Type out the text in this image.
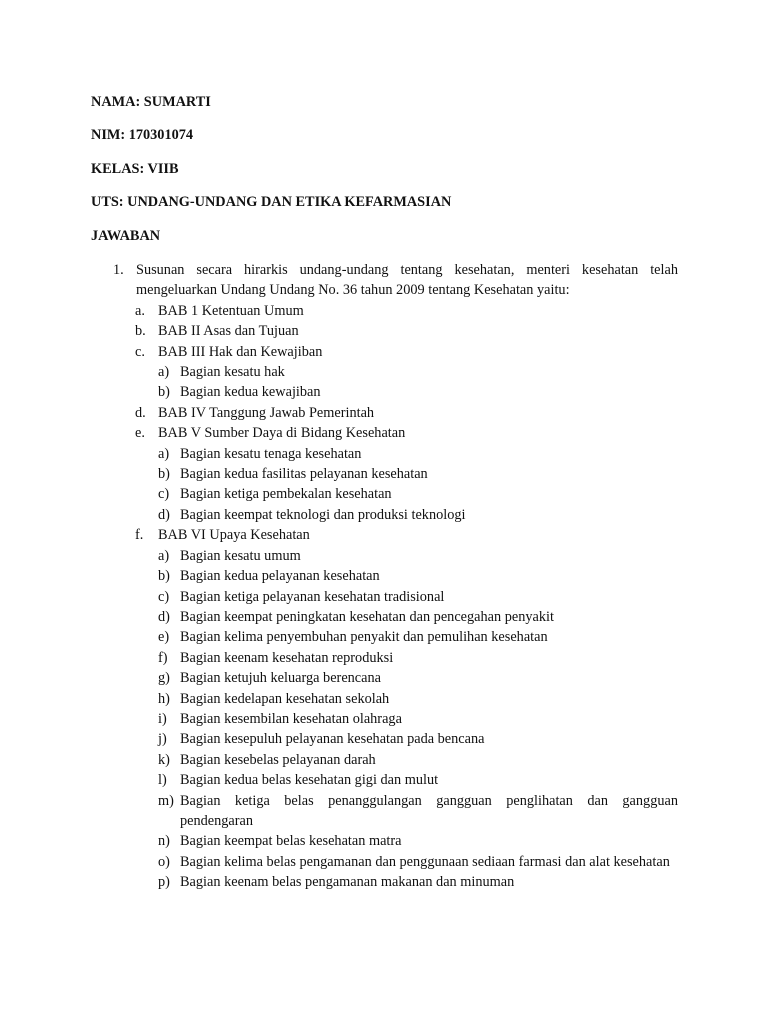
NAMA: SUMARTI
NIM: 170301074
KELAS: VIIB
UTS: UNDANG-UNDANG DAN ETIKA KEFARMASIAN
JAWABAN
1. Susunan secara hirarkis undang-undang tentang kesehatan, menteri kesehatan telah
mengeluarkan Undang Undang No. 36 tahun 2009 tentang Kesehatan yaitu:
a. BAB 1 Ketentuan Umum
b. BAB II Asas dan Tujuan
c. BAB III Hak dan Kewajiban
a) Bagian kesatu hak
b) Bagian kedua kewajiban
d. BAB IV Tanggung Jawab Pemerintah
e. BAB V Sumber Daya di Bidang Kesehatan
a) Bagian kesatu tenaga kesehatan
b) Bagian kedua fasilitas pelayanan kesehatan
c) Bagian ketiga pembekalan kesehatan
d) Bagian keempat teknologi dan produksi teknologi
f. BAB VI Upaya Kesehatan
a) Bagian kesatu umum
b) Bagian kedua pelayanan kesehatan
c) Bagian ketiga pelayanan kesehatan tradisional
d) Bagian keempat peningkatan kesehatan dan pencegahan penyakit
e) Bagian kelima penyembuhan penyakit dan pemulihan kesehatan
f) Bagian keenam kesehatan reproduksi
g) Bagian ketujuh keluarga berencana
h) Bagian kedelapan kesehatan sekolah
i) Bagian kesembilan kesehatan olahraga
j) Bagian kesepuluh pelayanan kesehatan pada bencana
k) Bagian kesebelas pelayanan darah
l) Bagian kedua belas kesehatan gigi dan mulut
m) Bagian ketiga belas penanggulangan gangguan penglihatan dan gangguan pendengaran
n) Bagian keempat belas kesehatan matra
o) Bagian kelima belas pengamanan dan penggunaan sediaan farmasi dan alat kesehatan
p) Bagian keenam belas pengamanan makanan dan minuman
